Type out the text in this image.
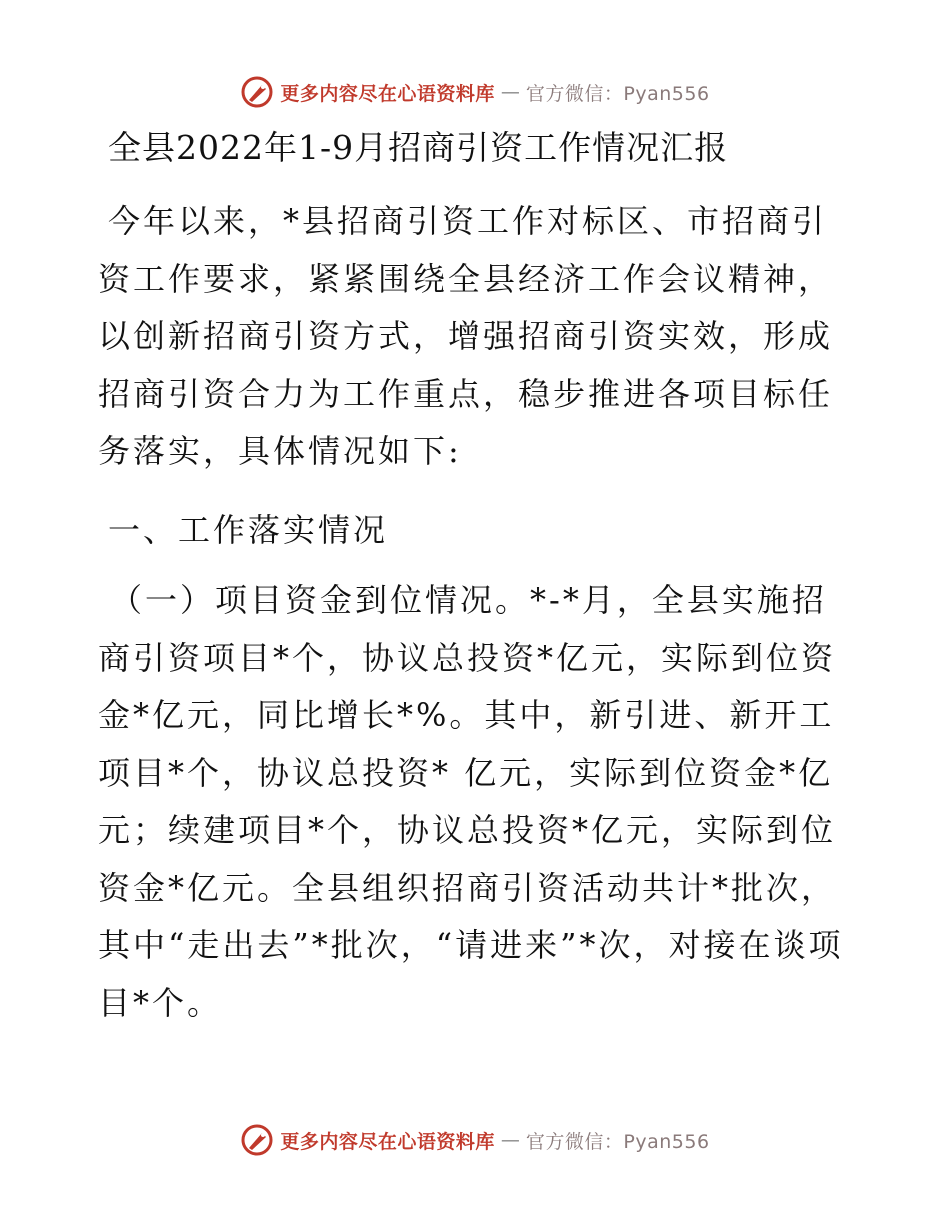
更多内容尽在心语资料库 — 官方微信：Pyan556
全县2022年1-9月招商引资工作情况汇报

今年以来，*县招商引资工作对标区、市招商引资工作要求，紧紧围绕全县经济工作会议精神，以创新招商引资方式，增强招商引资实效，形成招商引资合力为工作重点，稳步推进各项目标任务落实，具体情况如下:

一、工作落实情况

（一）项目资金到位情况。*-*月，全县实施招商引资项目*个，协议总投资*亿元，实际到位资金*亿元，同比增长*%。其中，新引进、新开工项目*个，协议总投资* 亿元，实际到位资金*亿元；续建项目*个，协议总投资*亿元，实际到位资金*亿元。全县组织招商引资活动共计*批次，其中“走出去”*批次，“请进来”*次，对接在谈项目*个。

更多内容尽在心语资料库 — 官方微信：Pyan556
